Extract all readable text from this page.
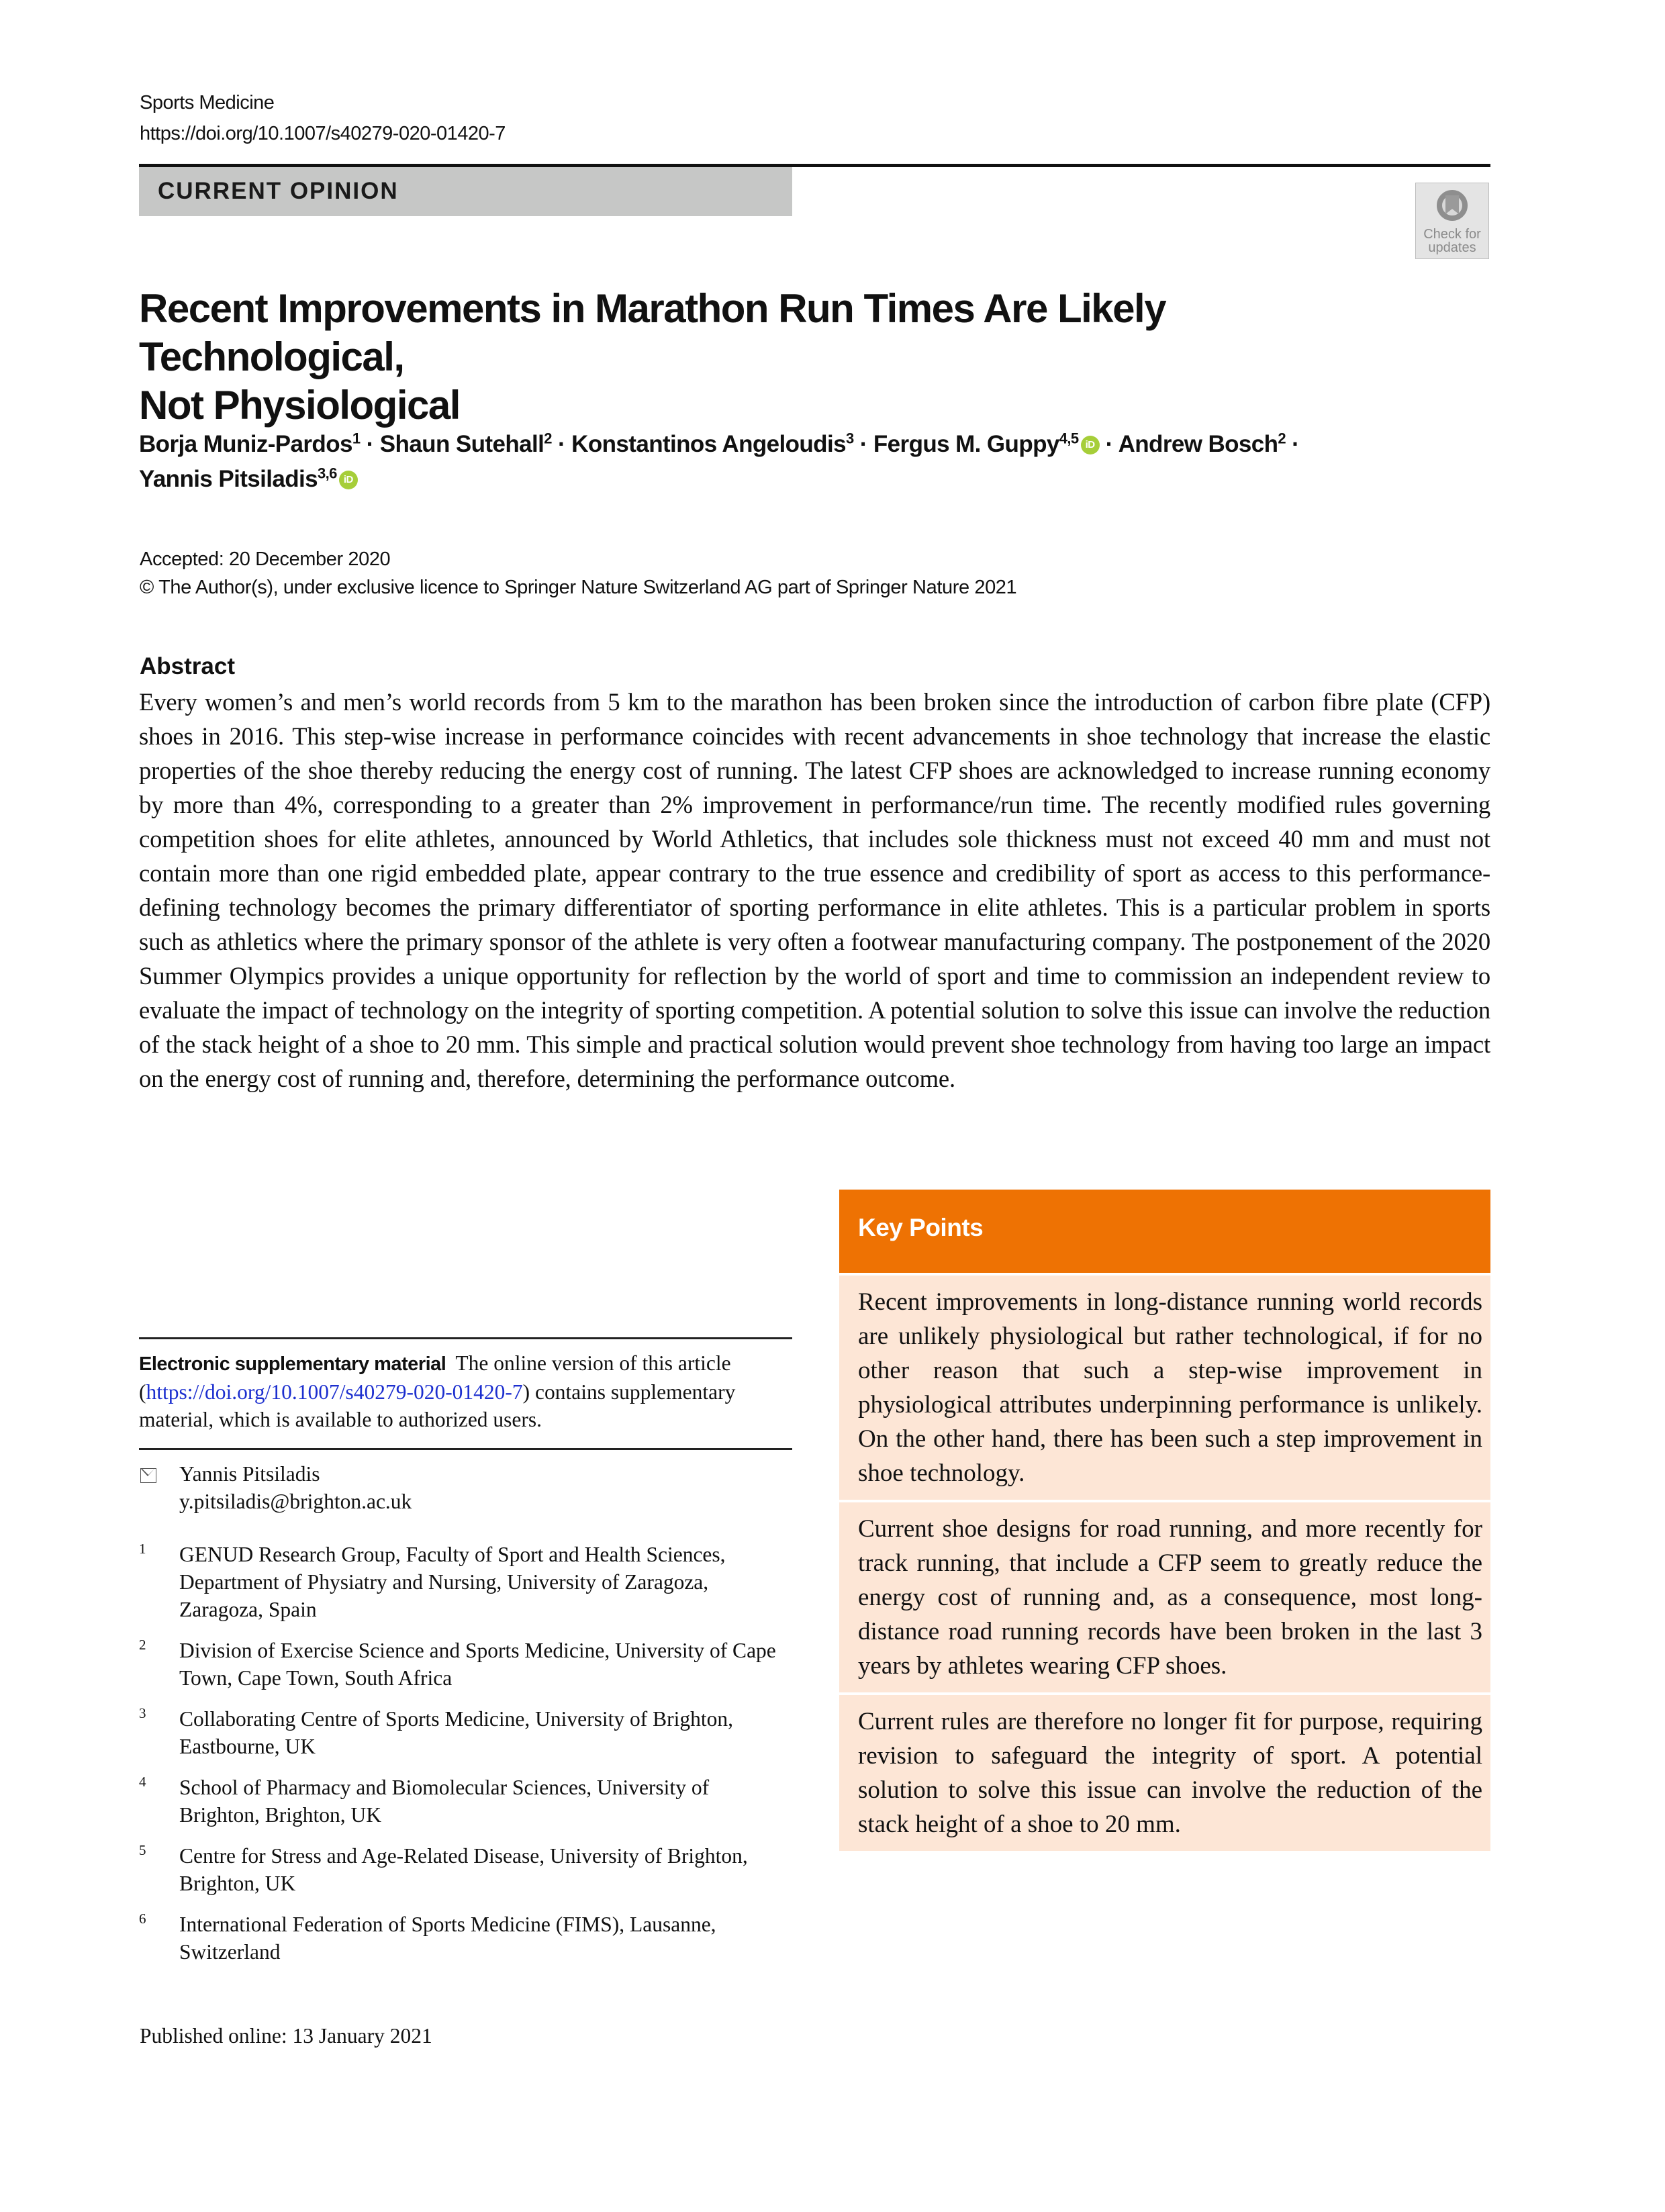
Sports Medicine
https://doi.org/10.1007/s40279-020-01420-7
CURRENT OPINION
Check for
updates
Recent Improvements in Marathon Run Times Are Likely Technological,
Not Physiological
Borja Muniz-Pardos$^1$ · Shaun Sutehall$^2$ · Konstantinos Angeloudis$^3$ · Fergus M. Guppy$^{4,5}$ iD · Andrew Bosch$^2$ ·
Yannis Pitsiladis$^{3,6}$ iD
Accepted: 20 December 2020
© The Author(s), under exclusive licence to Springer Nature Switzerland AG part of Springer Nature 2021
Abstract
Every women’s and men’s world records from 5 km to the marathon has been broken since the introduction of carbon fibre plate (CFP) shoes in 2016. This step-wise increase in performance coincides with recent advancements in shoe technology that increase the elastic properties of the shoe thereby reducing the energy cost of running. The latest CFP shoes are acknowledged to increase running economy by more than 4%, corresponding to a greater than 2% improvement in performance/run time. The recently modified rules governing competition shoes for elite athletes, announced by World Athletics, that includes sole thickness must not exceed 40 mm and must not contain more than one rigid embedded plate, appear contrary to the true essence and credibility of sport as access to this performance-defining technology becomes the primary differentiator of sporting performance in elite athletes. This is a particular problem in sports such as athletics where the primary sponsor of the athlete is very often a footwear manufacturing company. The postponement of the 2020 Summer Olympics provides a unique opportunity for reflection by the world of sport and time to commission an independent review to evaluate the impact of technology on the integrity of sporting competition. A potential solution to solve this issue can involve the reduction of the stack height of a shoe to 20 mm. This simple and practical solution would prevent shoe technology from having too large an impact on the energy cost of running and, therefore, determining the performance outcome.
Key Points
Recent improvements in long-distance running world records are unlikely physiological but rather technological, if for no other reason that such a step-wise improvement in physiological attributes underpinning performance is unlikely. On the other hand, there has been such a step improvement in shoe technology.
Current shoe designs for road running, and more recently for track running, that include a CFP seem to greatly reduce the energy cost of running and, as a consequence, most long-distance road running records have been broken in the last 3 years by athletes wearing CFP shoes.
Current rules are therefore no longer fit for purpose, requiring revision to safeguard the integrity of sport. A potential solution to solve this issue can involve the reduction of the stack height of a shoe to 20 mm.
Electronic supplementary material The online version of this article (https://doi.org/10.1007/s40279-020-01420-7) contains supplementary material, which is available to authorized users.
Yannis Pitsiladis
y.pitsiladis@brighton.ac.uk
1 GENUD Research Group, Faculty of Sport and Health Sciences, Department of Physiatry and Nursing, University of Zaragoza, Zaragoza, Spain
2 Division of Exercise Science and Sports Medicine, University of Cape Town, Cape Town, South Africa
3 Collaborating Centre of Sports Medicine, University of Brighton, Eastbourne, UK
4 School of Pharmacy and Biomolecular Sciences, University of Brighton, Brighton, UK
5 Centre for Stress and Age-Related Disease, University of Brighton, Brighton, UK
6 International Federation of Sports Medicine (FIMS), Lausanne, Switzerland
Published online: 13 January 2021
